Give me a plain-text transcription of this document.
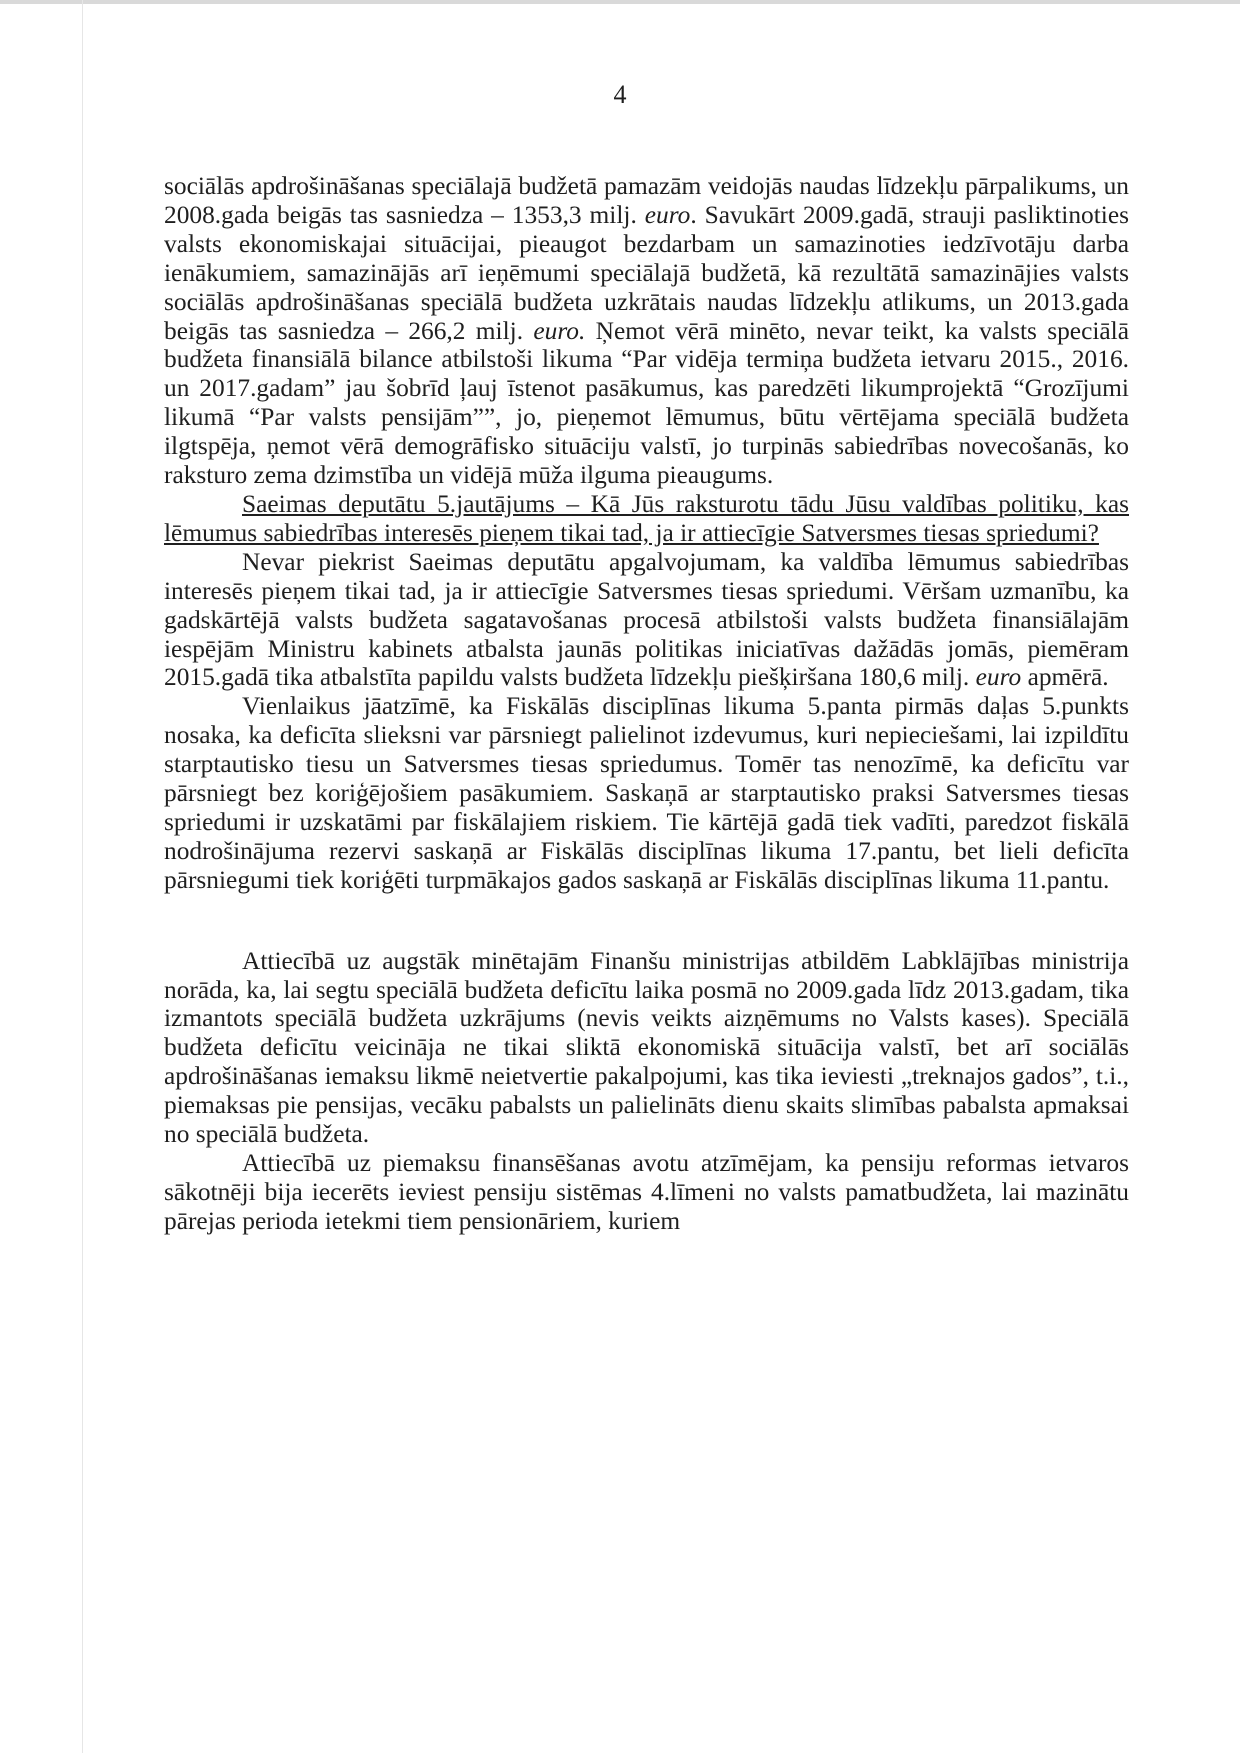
4

sociālās apdrošināšanas speciālajā budžetā pamazām veidojās naudas līdzekļu pārpalikums, un 2008.gada beigās tas sasniedza – 1353,3 milj. euro. Savukārt 2009.gadā, strauji pasliktinoties valsts ekonomiskajai situācijai, pieaugot bezdarbam un samazinoties iedzīvotāju darba ienākumiem, samazinājās arī ieņēmumi speciālajā budžetā, kā rezultātā samazinājies valsts sociālās apdrošināšanas speciālā budžeta uzkrātais naudas līdzekļu atlikums, un 2013.gada beigās tas sasniedza – 266,2 milj. euro. Ņemot vērā minēto, nevar teikt, ka valsts speciālā budžeta finansiālā bilance atbilstoši likuma “Par vidēja termiņa budžeta ietvaru 2015., 2016. un 2017.gadam” jau šobrīd ļauj īstenot pasākumus, kas paredzēti likumprojektā “Grozījumi likumā “Par valsts pensijām””, jo, pieņemot lēmumus, būtu vērtējama speciālā budžeta ilgtspēja, ņemot vērā demogrāfisko situāciju valstī, jo turpinās sabiedrības novecošanās, ko raksturo zema dzimstība un vidējā mūža ilguma pieaugums.

Saeimas deputātu 5.jautājums – Kā Jūs raksturotu tādu Jūsu valdības politiku, kas lēmumus sabiedrības interesēs pieņem tikai tad, ja ir attiecīgie Satversmes tiesas spriedumi?

Nevar piekrist Saeimas deputātu apgalvojumam, ka valdība lēmumus sabiedrības interesēs pieņem tikai tad, ja ir attiecīgie Satversmes tiesas spriedumi. Vēršam uzmanību, ka gadskārtējā valsts budžeta sagatavošanas procesā atbilstoši valsts budžeta finansiālajām iespējām Ministru kabinets atbalsta jaunās politikas iniciatīvas dažādās jomās, piemēram 2015.gadā tika atbalstīta papildu valsts budžeta līdzekļu piešķiršana 180,6 milj. euro apmērā.

Vienlaikus jāatzīmē, ka Fiskālās disciplīnas likuma 5.panta pirmās daļas 5.punkts nosaka, ka deficīta slieksni var pārsniegt palielinot izdevumus, kuri nepieciešami, lai izpildītu starptautisko tiesu un Satversmes tiesas spriedumus. Tomēr tas nenozīmē, ka deficītu var pārsniegt bez koriģējošiem pasākumiem. Saskaņā ar starptautisko praksi Satversmes tiesas spriedumi ir uzskatāmi par fiskālajiem riskiem. Tie kārtējā gadā tiek vadīti, paredzot fiskālā nodrošinājuma rezervi saskaņā ar Fiskālās disciplīnas likuma 17.pantu, bet lieli deficīta pārsniegumi tiek koriģēti turpmākajos gados saskaņā ar Fiskālās disciplīnas likuma 11.pantu.

Attiecībā uz augstāk minētajām Finanšu ministrijas atbildēm Labklājības ministrija norāda, ka, lai segtu speciālā budžeta deficītu laika posmā no 2009.gada līdz 2013.gadam, tika izmantots speciālā budžeta uzkrājums (nevis veikts aizņēmums no Valsts kases). Speciālā budžeta deficītu veicināja ne tikai sliktā ekonomiskā situācija valstī, bet arī sociālās apdrošināšanas iemaksu likmē neietvertie pakalpojumi, kas tika ieviesti „treknajos gados”, t.i., piemaksas pie pensijas, vecāku pabalsts un palielināts dienu skaits slimības pabalsta apmaksai no speciālā budžeta.

Attiecībā uz piemaksu finansēšanas avotu atzīmējam, ka pensiju reformas ietvaros sākotnēji bija iecerēts ieviest pensiju sistēmas 4.līmeni no valsts pamatbudžeta, lai mazinātu pārejas perioda ietekmi tiem pensionāriem, kuriem
